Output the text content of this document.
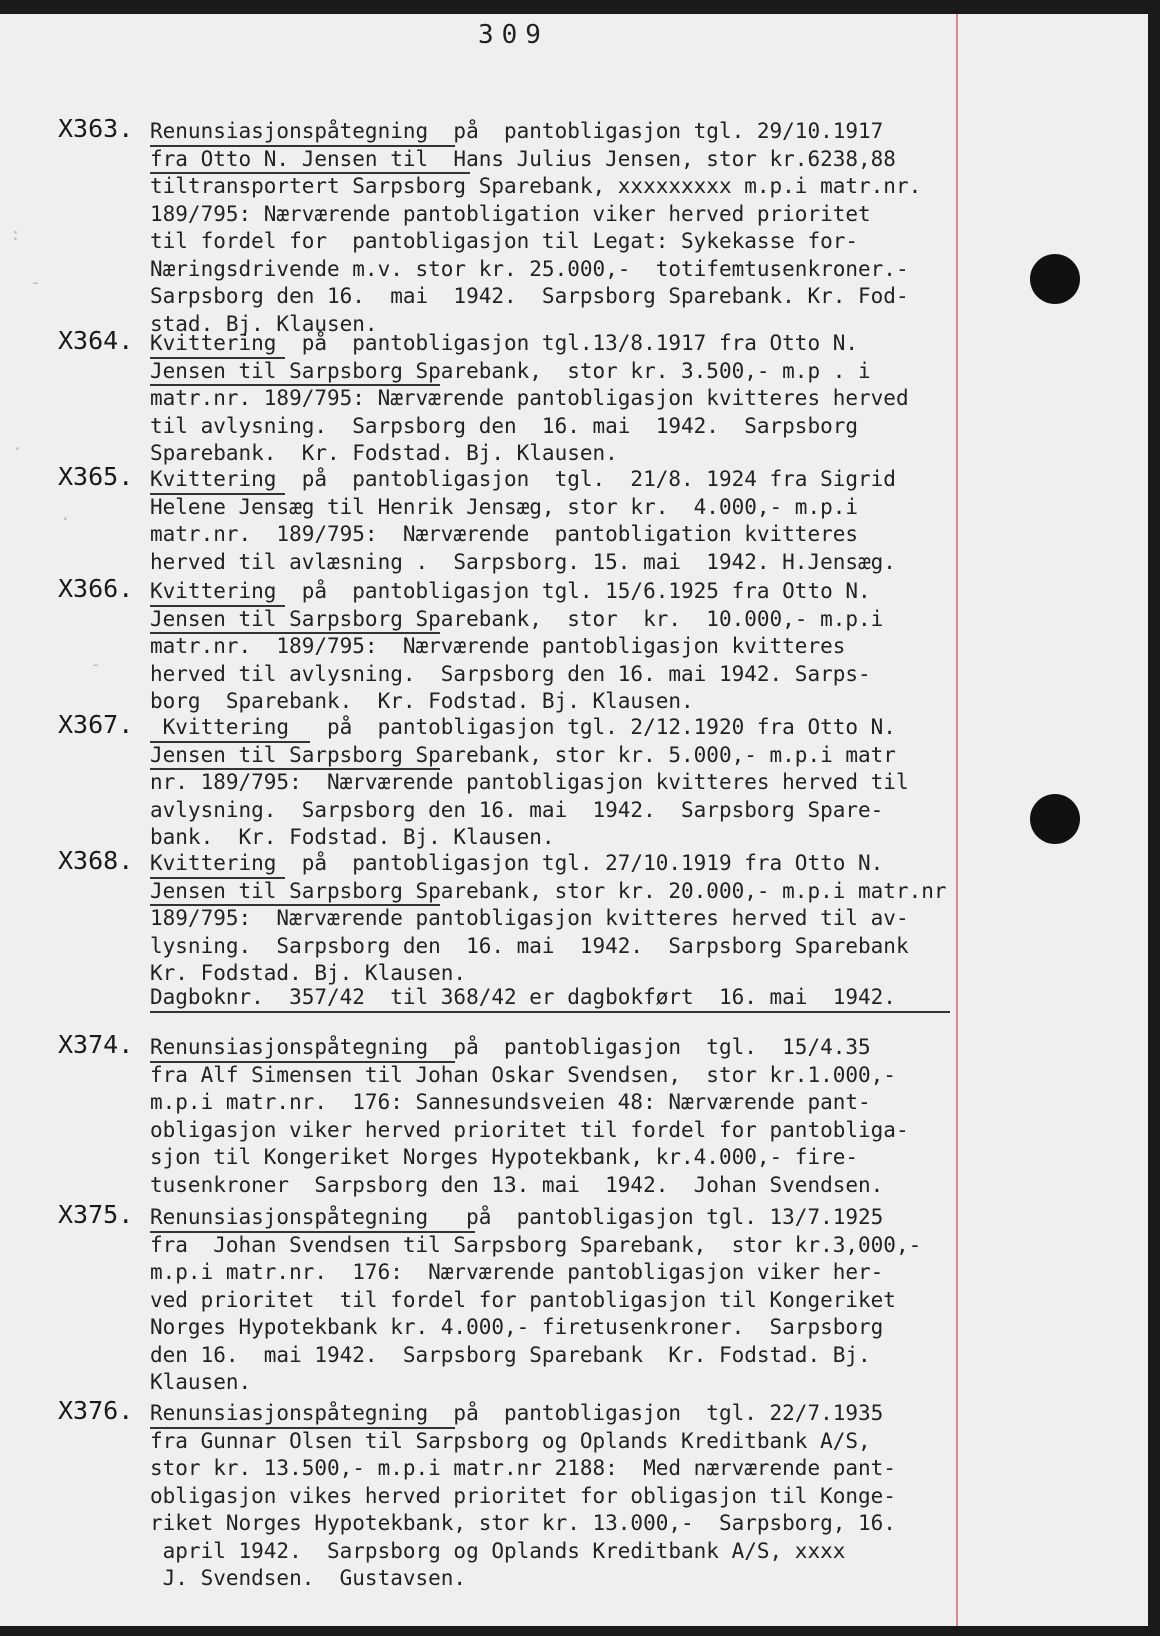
:
-
.
.
-
309
X363. Renunsiasjonspåtegning  på  pantobligasjon tgl. 29/10.1917
fra Otto N. Jensen til  Hans Julius Jensen, stor kr.6238,88
tiltransportert Sarpsborg Sparebank, xxxxxxxxx m.p.i matr.nr.
189/795: Nærværende pantobligation viker herved prioritet
til fordel for  pantobligasjon til Legat: Sykekasse for-
Næringsdrivende m.v. stor kr. 25.000,-  totifemtusenkroner.-
Sarpsborg den 16.  mai  1942.  Sarpsborg Sparebank. Kr. Fod-
stad. Bj. Klausen.
X364. Kvittering  på  pantobligasjon tgl.13/8.1917 fra Otto N.
Jensen til Sarpsborg Sparebank,  stor kr. 3.500,- m.p . i
matr.nr. 189/795: Nærværende pantobligasjon kvitteres herved
til avlysning.  Sarpsborg den  16. mai  1942.  Sarpsborg
Sparebank.  Kr. Fodstad. Bj. Klausen.
X365. Kvittering  på  pantobligasjon  tgl.  21/8. 1924 fra Sigrid
Helene Jensæg til Henrik Jensæg, stor kr.  4.000,- m.p.i
matr.nr.  189/795:  Nærværende  pantobligation kvitteres
herved til avlæsning .  Sarpsborg. 15. mai  1942. H.Jensæg.
X366. Kvittering  på  pantobligasjon tgl. 15/6.1925 fra Otto N.
Jensen til Sarpsborg Sparebank,  stor  kr.  10.000,- m.p.i
matr.nr.  189/795:  Nærværende pantobligasjon kvitteres
herved til avlysning.  Sarpsborg den 16. mai 1942. Sarps-
borg  Sparebank.  Kr. Fodstad. Bj. Klausen.
X367. Kvittering   på  pantobligasjon tgl. 2/12.1920 fra Otto N.
Jensen til Sarpsborg Sparebank, stor kr. 5.000,- m.p.i matr
nr. 189/795:  Nærværende pantobligasjon kvitteres herved til
avlysning.  Sarpsborg den 16. mai  1942.  Sarpsborg Spare-
bank.  Kr. Fodstad. Bj. Klausen.
X368. Kvittering  på  pantobligasjon tgl. 27/10.1919 fra Otto N.
Jensen til Sarpsborg Sparebank, stor kr. 20.000,- m.p.i matr.nr
189/795:  Nærværende pantobligasjon kvitteres herved til av-
lysning.  Sarpsborg den  16. mai  1942.  Sarpsborg Sparebank
Kr. Fodstad. Bj. Klausen.
Dagboknr.  357/42  til 368/42 er dagbokført  16. mai  1942.
X374. Renunsiasjonspåtegning  på  pantobligasjon  tgl.  15/4.35
fra Alf Simensen til Johan Oskar Svendsen,  stor kr.1.000,-
m.p.i matr.nr.  176: Sannesundsveien 48: Nærværende pant-
obligasjon viker herved prioritet til fordel for pantobliga-
sjon til Kongeriket Norges Hypotekbank, kr.4.000,- fire-
tusenkroner  Sarpsborg den 13. mai  1942.  Johan Svendsen.
X375. Renunsiasjonspåtegning   på  pantobligasjon tgl. 13/7.1925
fra  Johan Svendsen til Sarpsborg Sparebank,  stor kr.3,000,-
m.p.i matr.nr.  176:  Nærværende pantobligasjon viker her-
ved prioritet  til fordel for pantobligasjon til Kongeriket
Norges Hypotekbank kr. 4.000,- firetusenkroner.  Sarpsborg
den 16.  mai 1942.  Sarpsborg Sparebank  Kr. Fodstad. Bj.
Klausen.
X376. Renunsiasjonspåtegning  på  pantobligasjon  tgl. 22/7.1935
fra Gunnar Olsen til Sarpsborg og Oplands Kreditbank A/S,
stor kr. 13.500,- m.p.i matr.nr 2188:  Med nærværende pant-
obligasjon vikes herved prioritet for obligasjon til Konge-
riket Norges Hypotekbank, stor kr. 13.000,-  Sarpsborg, 16.
april 1942.  Sarpsborg og Oplands Kreditbank A/S, xxxx
J. Svendsen.  Gustavsen.
